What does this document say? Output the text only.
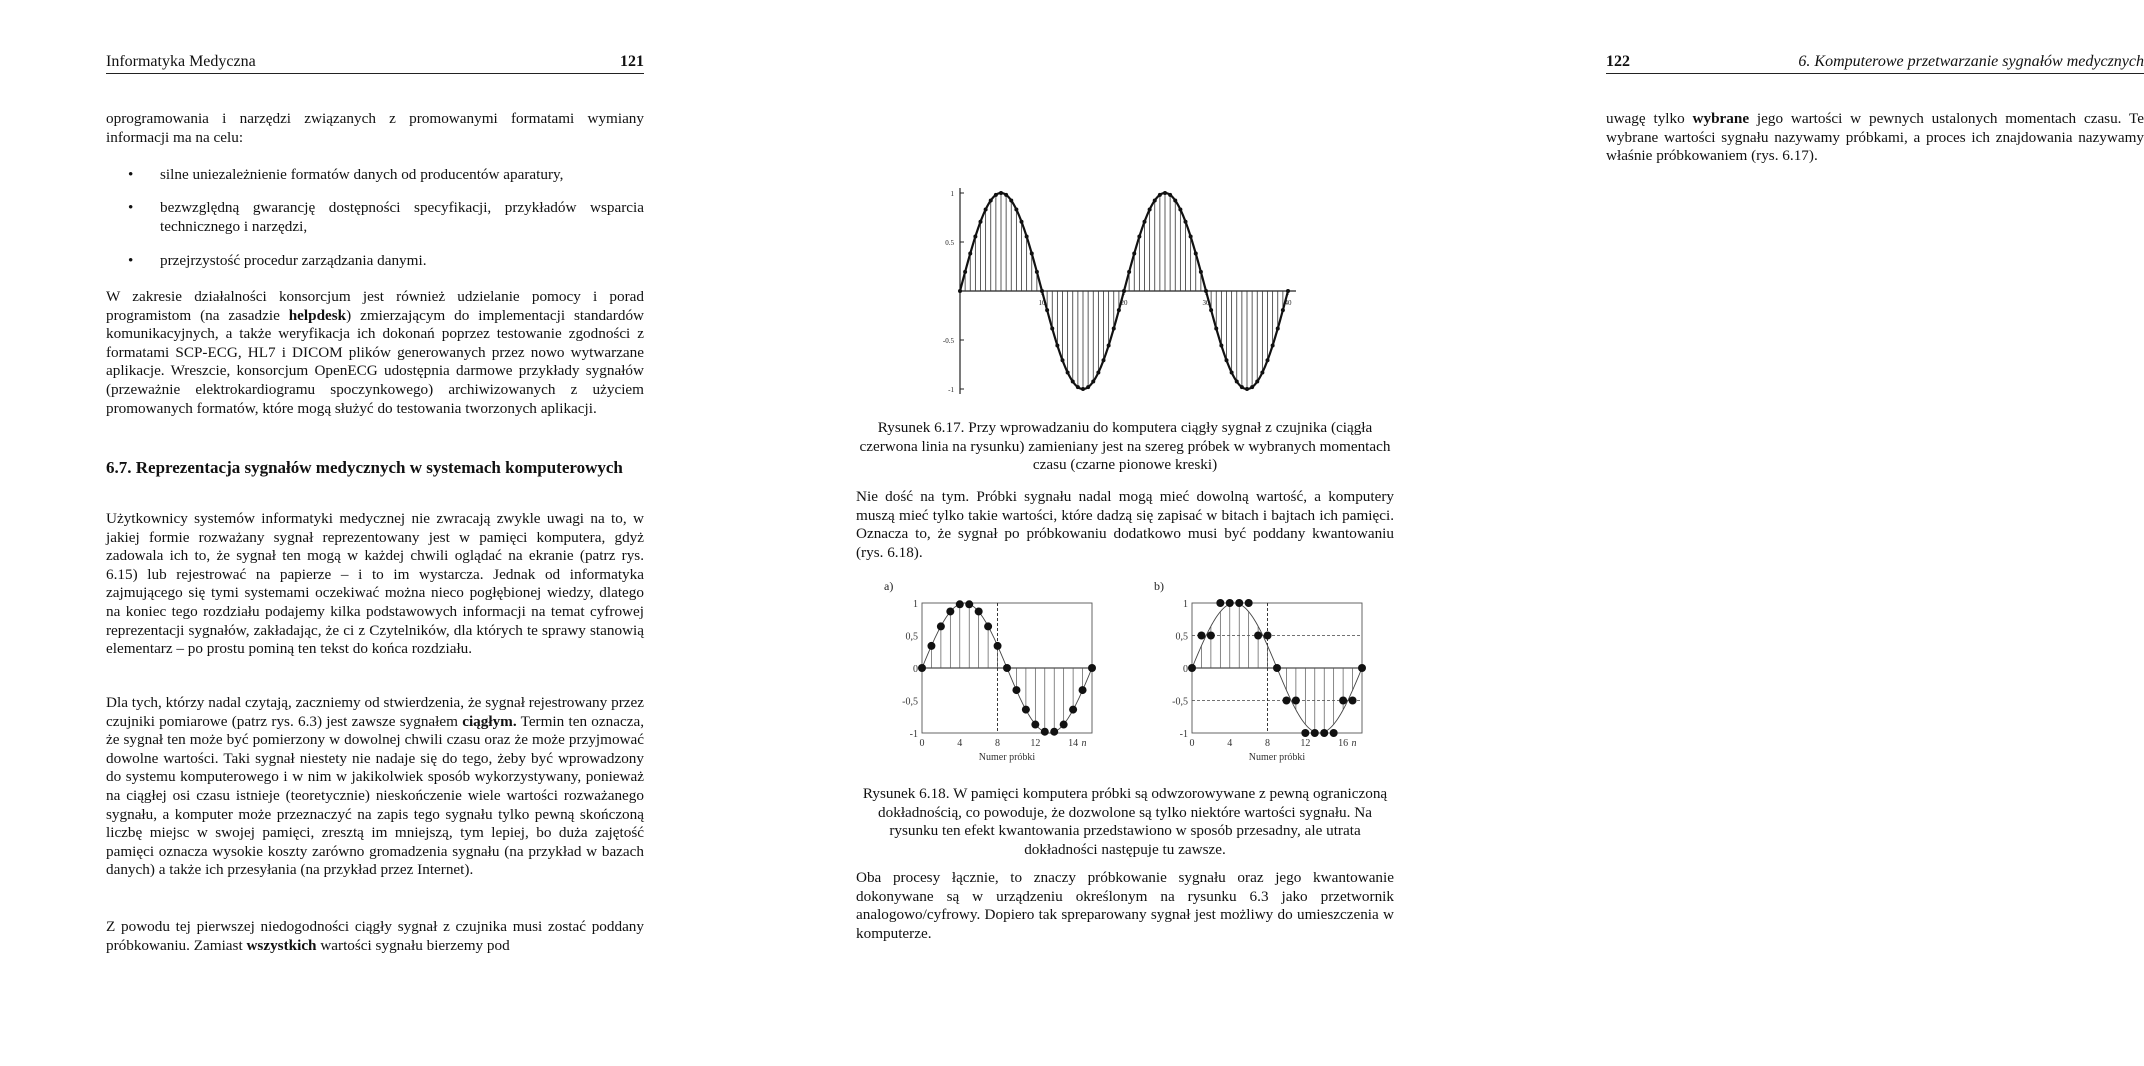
Informatyka Medyczna	121
oprogramowania i narzędzi związanych z promowanymi formatami wymiany informacji ma na celu:
• silne uniezależnienie formatów danych od producentów aparatury,
• bezwzględną gwarancję dostępności specyfikacji, przykładów wsparcia technicznego i narzędzi,
• przejrzystość procedur zarządzania danymi.
W zakresie działalności konsorcjum jest również udzielanie pomocy i porad programistom (na zasadzie helpdesk) zmierzającym do implementacji standardów komunikacyjnych, a także weryfikacja ich dokonań poprzez testowanie zgodności z formatami SCP-ECG, HL7 i DICOM plików generowanych przez nowo wytwarzane aplikacje. Wreszcie, konsorcjum OpenECG udostępnia darmowe przykłady sygnałów (przeważnie elektrokardiogramu spoczynkowego) archiwizowanych z użyciem promowanych formatów, które mogą służyć do testowania tworzonych aplikacji.
6.7. Reprezentacja sygnałów medycznych w systemach komputerowych
Użytkownicy systemów informatyki medycznej nie zwracają zwykle uwagi na to, w jakiej formie rozważany sygnał reprezentowany jest w pamięci komputera, gdyż zadowala ich to, że sygnał ten mogą w każdej chwili oglądać na ekranie (patrz rys. 6.15) lub rejestrować na papierze – i to im wystarcza. Jednak od informatyka zajmującego się tymi systemami oczekiwać można nieco pogłębionej wiedzy, dlatego na koniec tego rozdziału podajemy kilka podstawowych informacji na temat cyfrowej reprezentacji sygnałów, zakładając, że ci z Czytelników, dla których te sprawy stanowią elementarz – po prostu pominą ten tekst do końca rozdziału.
Dla tych, którzy nadal czytają, zaczniemy od stwierdzenia, że sygnał rejestrowany przez czujniki pomiarowe (patrz rys. 6.3) jest zawsze sygnałem ciągłym. Termin ten oznacza, że sygnał ten może być pomierzony w dowolnej chwili czasu oraz że może przyjmować dowolne wartości. Taki sygnał niestety nie nadaje się do tego, żeby być wprowadzony do systemu komputerowego i w nim w jakikolwiek sposób wykorzystywany, ponieważ na ciągłej osi czasu istnieje (teoretycznie) nieskończenie wiele wartości rozważanego sygnału, a komputer może przeznaczyć na zapis tego sygnału tylko pewną skończoną liczbę miejsc w swojej pamięci, zresztą im mniejszą, tym lepiej, bo duża zajętość pamięci oznacza wysokie koszty zarówno gromadzenia sygnału (na przykład w bazach danych) a także ich przesyłania (na przykład przez Internet).
Z powodu tej pierwszej niedogodności ciągły sygnał z czujnika musi zostać poddany próbkowaniu. Zamiast wszystkich wartości sygnału bierzemy pod
122	6. Komputerowe przetwarzanie sygnałów medycznych
uwagę tylko wybrane jego wartości w pewnych ustalonych momentach czasu. Te wybrane wartości sygnału nazywamy próbkami, a proces ich znajdowania nazywamy właśnie próbkowaniem (rys. 6.17).
1
0.5
-0.5
-1
10	20	30	40
Rysunek 6.17. Przy wprowadzaniu do komputera ciągły sygnał z czujnika (ciągła czerwona linia na rysunku) zamieniany jest na szereg próbek w wybranych momentach czasu (czarne pionowe kreski)
Nie dość na tym. Próbki sygnału nadal mogą mieć dowolną wartość, a komputery muszą mieć tylko takie wartości, które dadzą się zapisać w bitach i bajtach ich pamięci. Oznacza to, że sygnał po próbkowaniu dodatkowo musi być poddany kwantowaniu (rys. 6.18).
a)
1
0,5
0
-0,5
-1
0	4	8	12	14 n
Numer próbki
b)
1
0,5
0
-0,5
-1
0	4	8	12	16 n
Numer próbki
Rysunek 6.18. W pamięci komputera próbki są odwzorowywane z pewną ograniczoną dokładnością, co powoduje, że dozwolone są tylko niektóre wartości sygnału. Na rysunku ten efekt kwantowania przedstawiono w sposób przesadny, ale utrata dokładności następuje tu zawsze.
Oba procesy łącznie, to znaczy próbkowanie sygnału oraz jego kwantowanie dokonywane są w urządzeniu określonym na rysunku 6.3 jako przetwornik analogowo/cyfrowy. Dopiero tak spreparowany sygnał jest możliwy do umieszczenia w komputerze.
